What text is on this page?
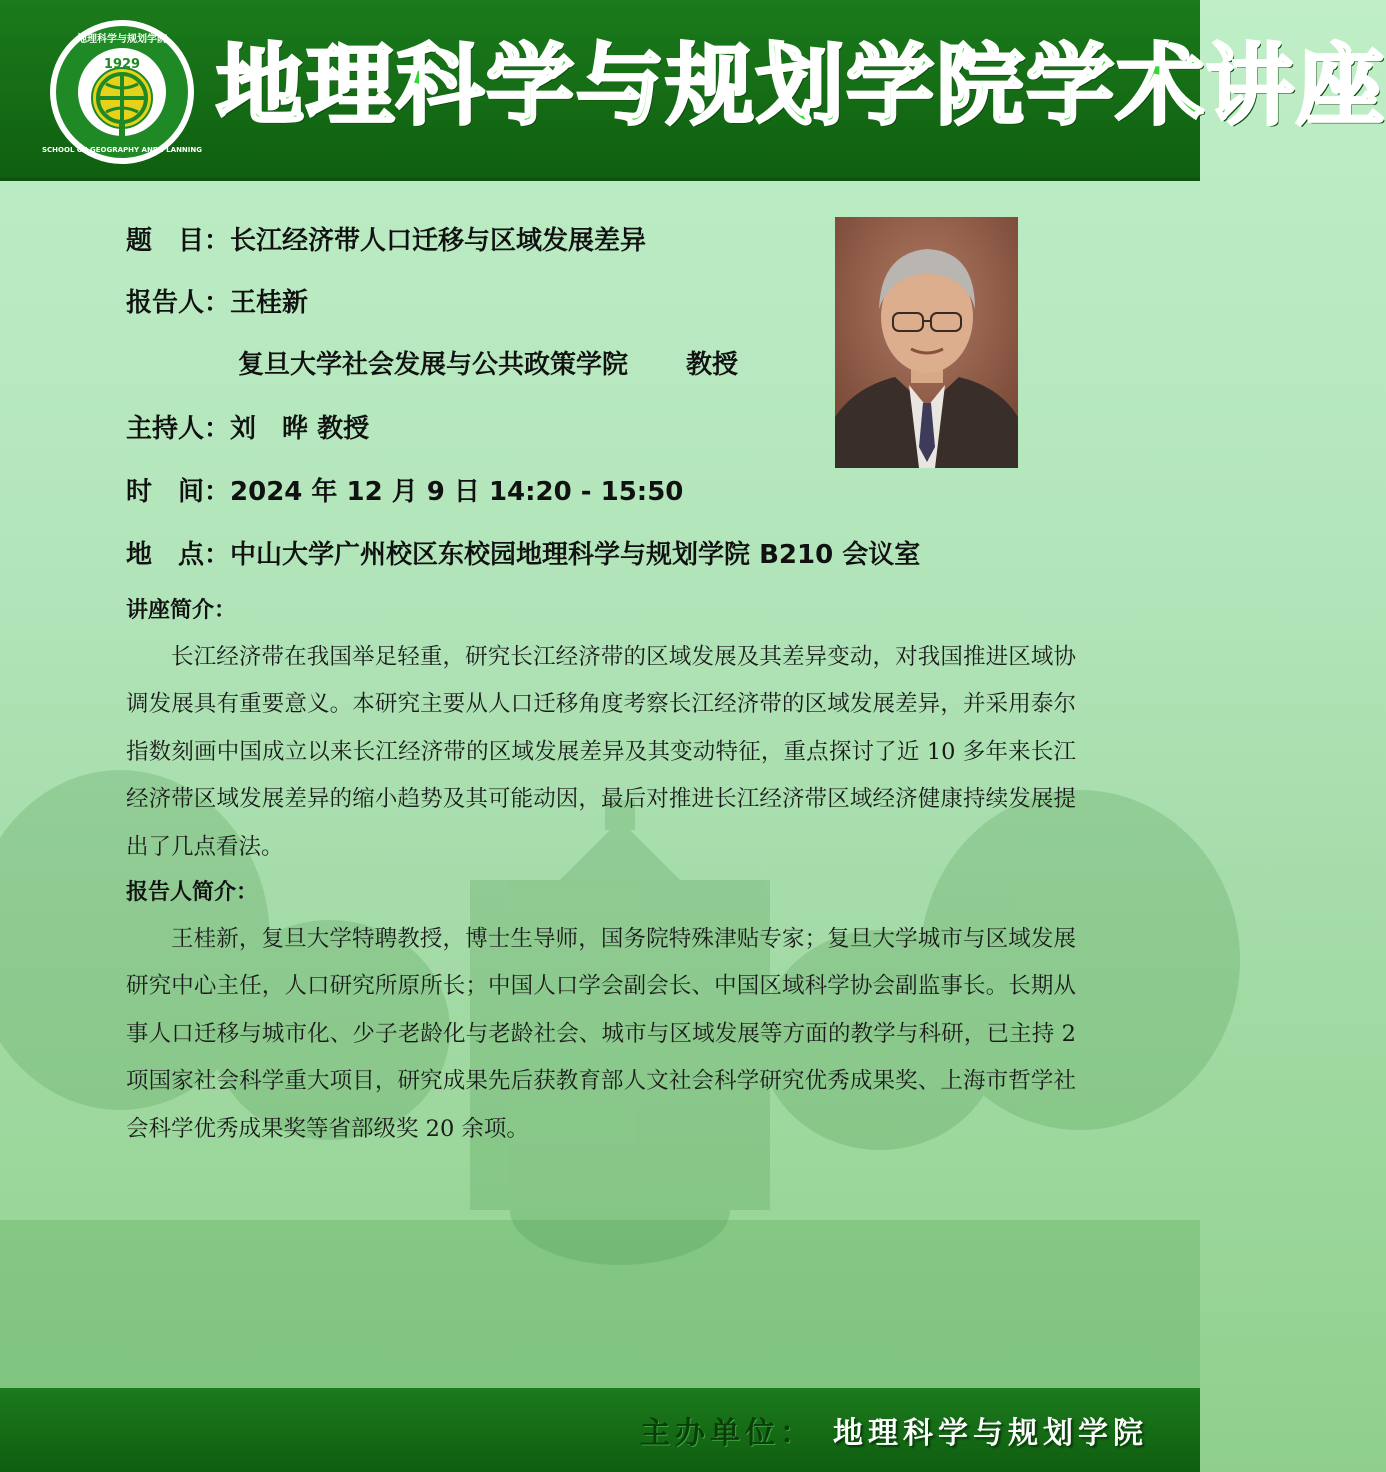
1929
地理科学与规划学院
SCHOOL OF GEOGRAPHY AND PLANNING
地理科学与规划学院学术讲座
题　目：长江经济带人口迁移与区域发展差异
报告人：王桂新
复旦大学社会发展与公共政策学院 教授
主持人：刘　晔 教授
时　间：2024 年 12 月 9 日 14:20 - 15:50
地　点：中山大学广州校区东校园地理科学与规划学院 B210 会议室
讲座简介：

长江经济带在我国举足轻重，研究长江经济带的区域发展及其差异变动，对我国推进区域协调发展具有重要意义。本研究主要从人口迁移角度考察长江经济带的区域发展差异，并采用泰尔指数刻画中国成立以来长江经济带的区域发展差异及其变动特征，重点探讨了近 10 多年来长江经济带区域发展差异的缩小趋势及其可能动因，最后对推进长江经济带区域经济健康持续发展提出了几点看法。

报告人简介：

王桂新，复旦大学特聘教授，博士生导师，国务院特殊津贴专家；复旦大学城市与区域发展研究中心主任，人口研究所原所长；中国人口学会副会长、中国区域科学协会副监事长。长期从事人口迁移与城市化、少子老龄化与老龄社会、城市与区域发展等方面的教学与科研，已主持 2 项国家社会科学重大项目，研究成果先后获教育部人文社会科学研究优秀成果奖、上海市哲学社会科学优秀成果奖等省部级奖 20 余项。

主办单位： 地理科学与规划学院
